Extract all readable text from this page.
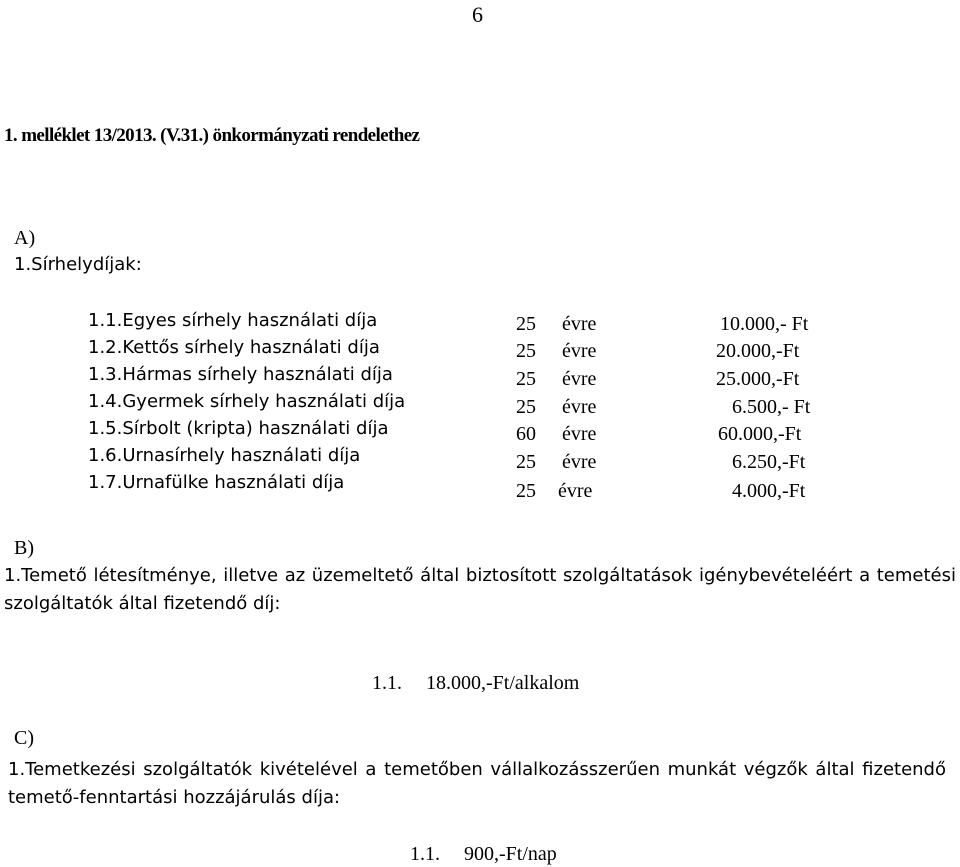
6
1. melléklet 13/2013. (V.31.) önkormányzati rendelethez
A)
1.Sírhelydíjak:
1.1.Egyes sírhely használati díja	25 évre	10.000,- Ft
1.2.Kettős sírhely használati díja	25 évre	20.000,-Ft
1.3.Hármas sírhely használati díja	25 évre	25.000,-Ft
1.4.Gyermek sírhely használati díja	25 évre	6.500,- Ft
1.5.Sírbolt (kripta) használati díja	60 évre	60.000,-Ft
1.6.Urnasírhely használati díja	25 évre	6.250,-Ft
1.7.Urnafülke használati díja	25 évre	4.000,-Ft
B)
1.Temető létesítménye, illetve az üzemeltető által biztosított szolgáltatások igénybevételéért a temetési szolgáltatók által fizetendő díj:
1.1. 18.000,-Ft/alkalom
C)
1.Temetkezési szolgáltatók kivételével a temetőben vállalkozásszerűen munkát végzők által fizetendő temető-fenntartási hozzájárulás díja:
1.1. 900,-Ft/nap
